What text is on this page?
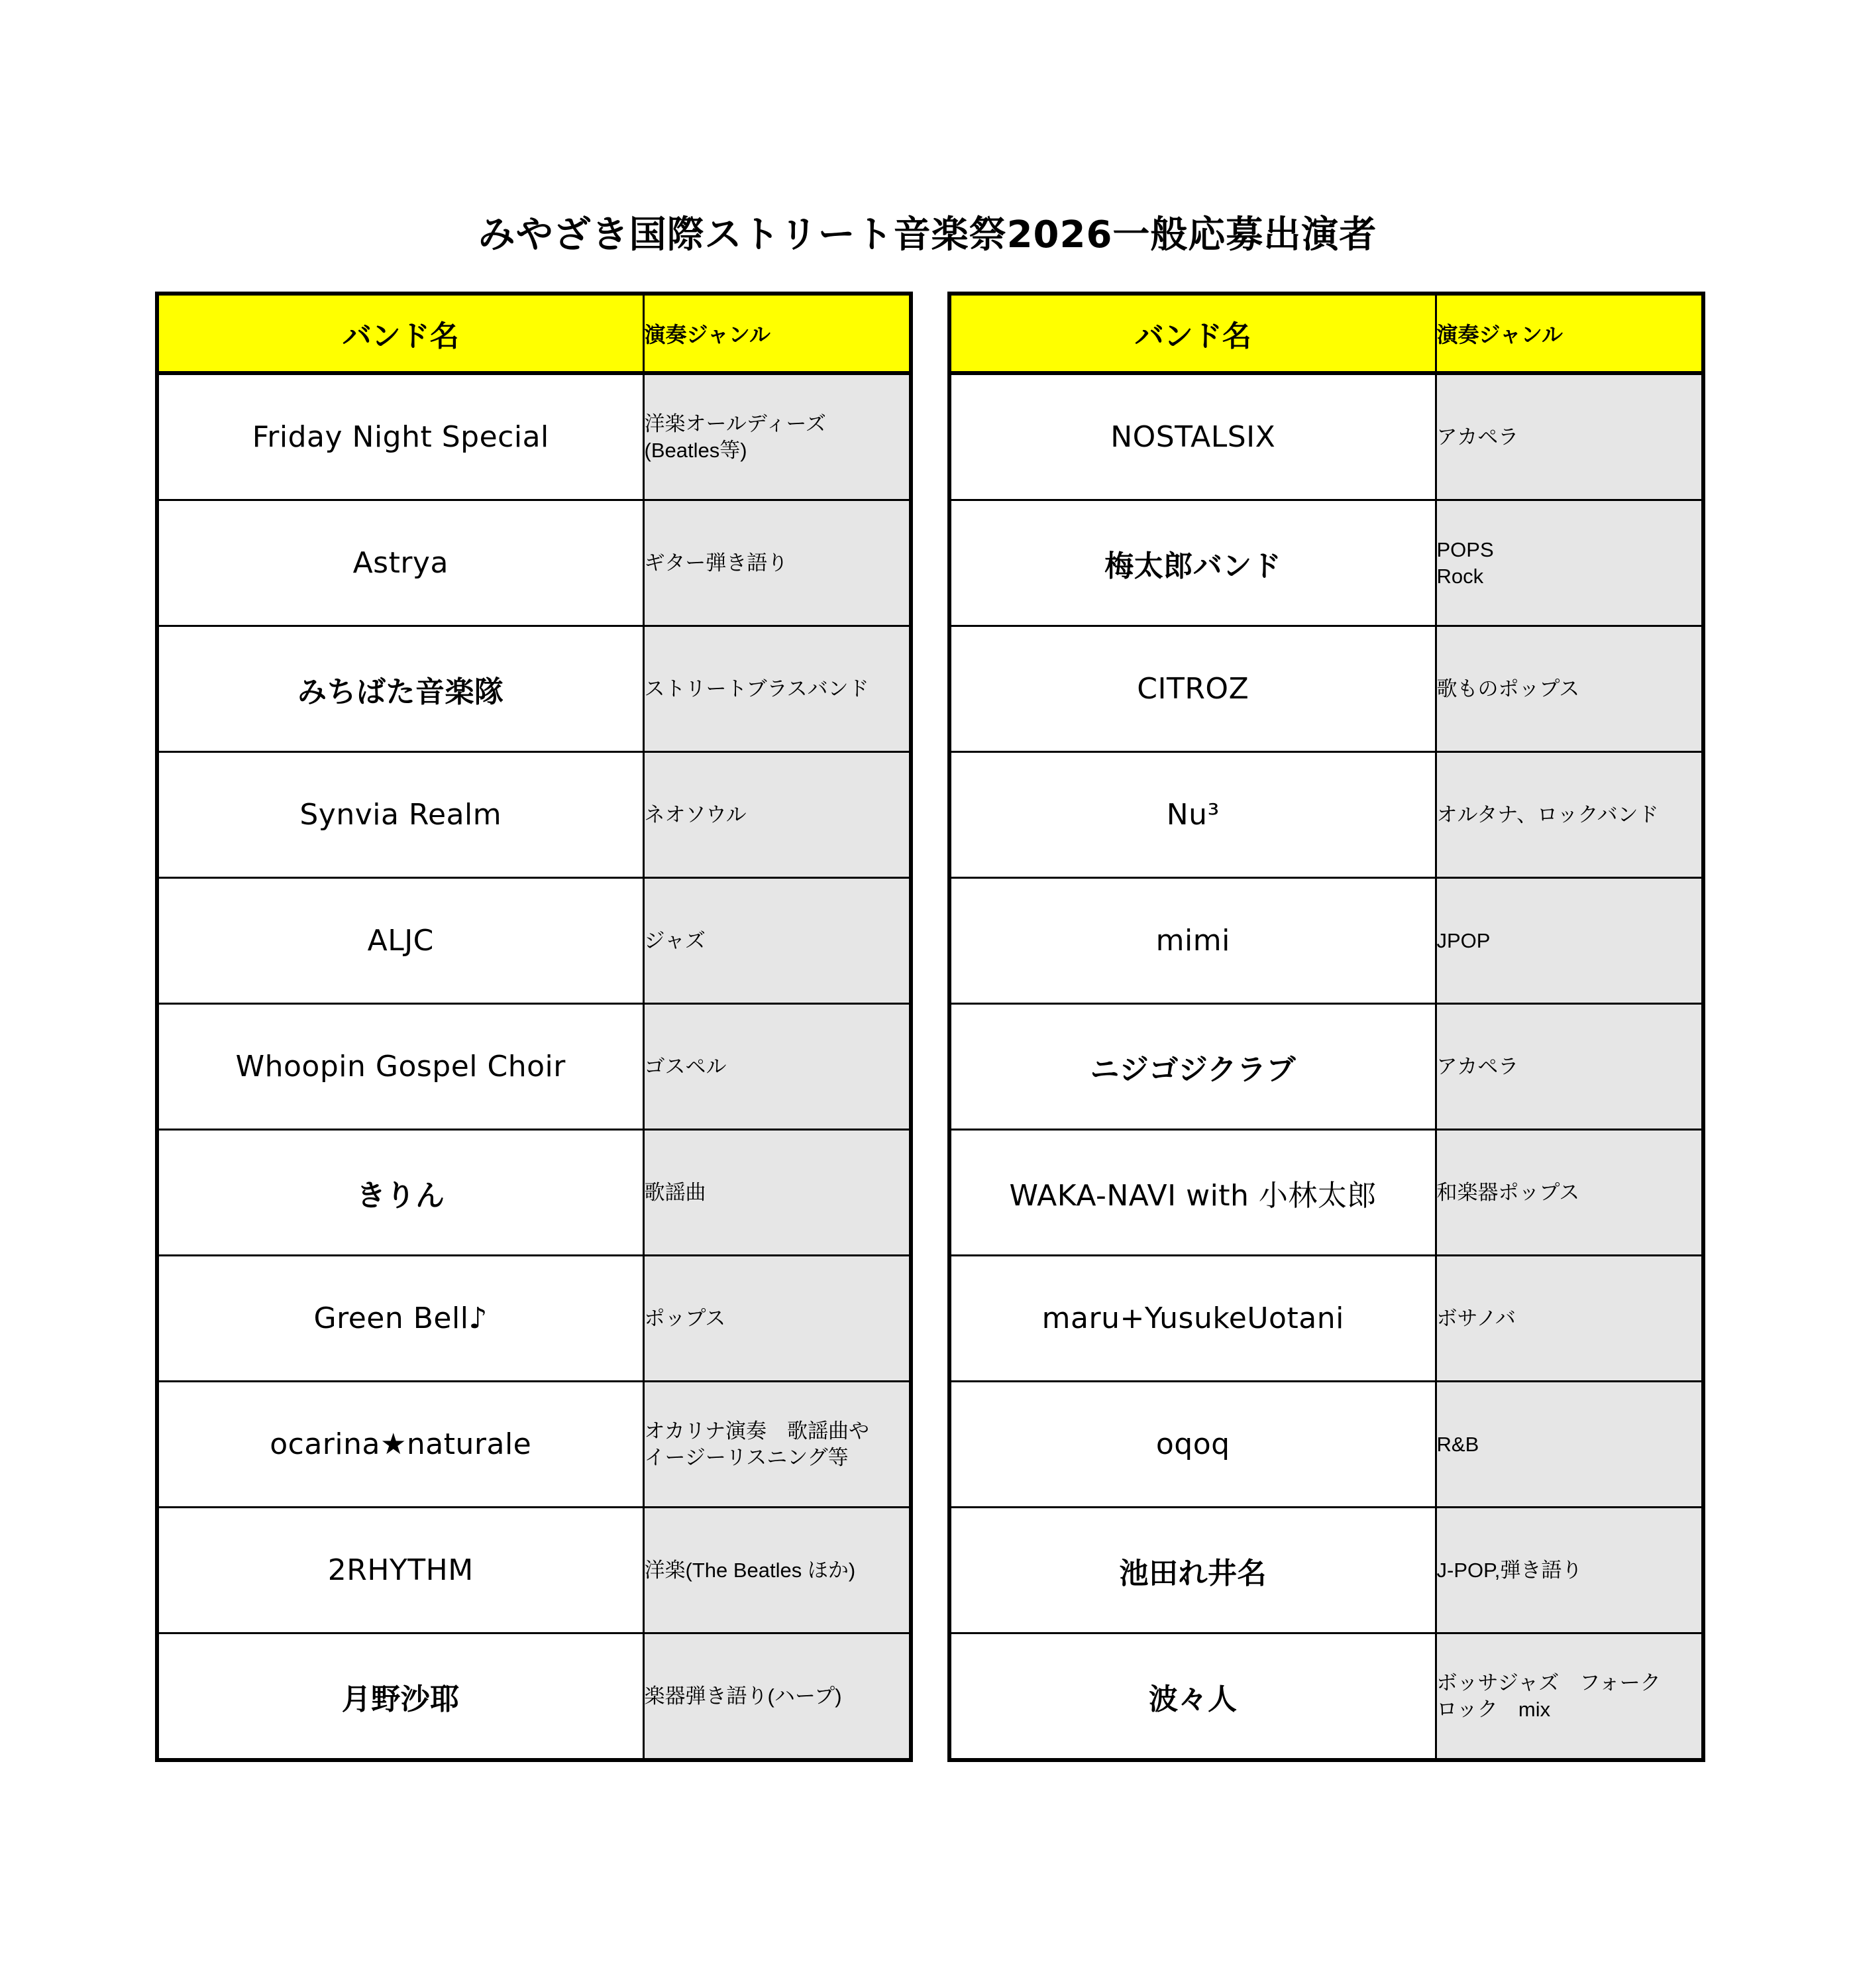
みやざき国際ストリート音楽祭2026一般応募出演者
バンド名	演奏ジャンル
Friday Night Special	洋楽オールディーズ
(Beatles等)
Astrya	ギター弾き語り
みちばた音楽隊	ストリートブラスバンド
Synvia Realm	ネオソウル
ALJC	ジャズ
Whoopin Gospel Choir	ゴスペル
きりん	歌謡曲
Green Bell♪	ポップス
ocarina★naturale	オカリナ演奏　歌謡曲や
イージーリスニング等
2RHYTHM	洋楽(The Beatles ほか)
月野沙耶	楽器弾き語り(ハープ)
バンド名	演奏ジャンル
NOSTALSIX	アカペラ
梅太郎バンド	POPS
Rock
CITROZ	歌ものポップス
Nu³	オルタナ、ロックバンド
mimi	JPOP
ニジゴジクラブ	アカペラ
WAKA-NAVI with 小林太郎	和楽器ポップス
maru+YusukeUotani	ボサノバ
oqoq	R&B
池田れ井名	J-POP,弾き語り
波々人	ボッサジャズ　フォーク
ロック　mix
